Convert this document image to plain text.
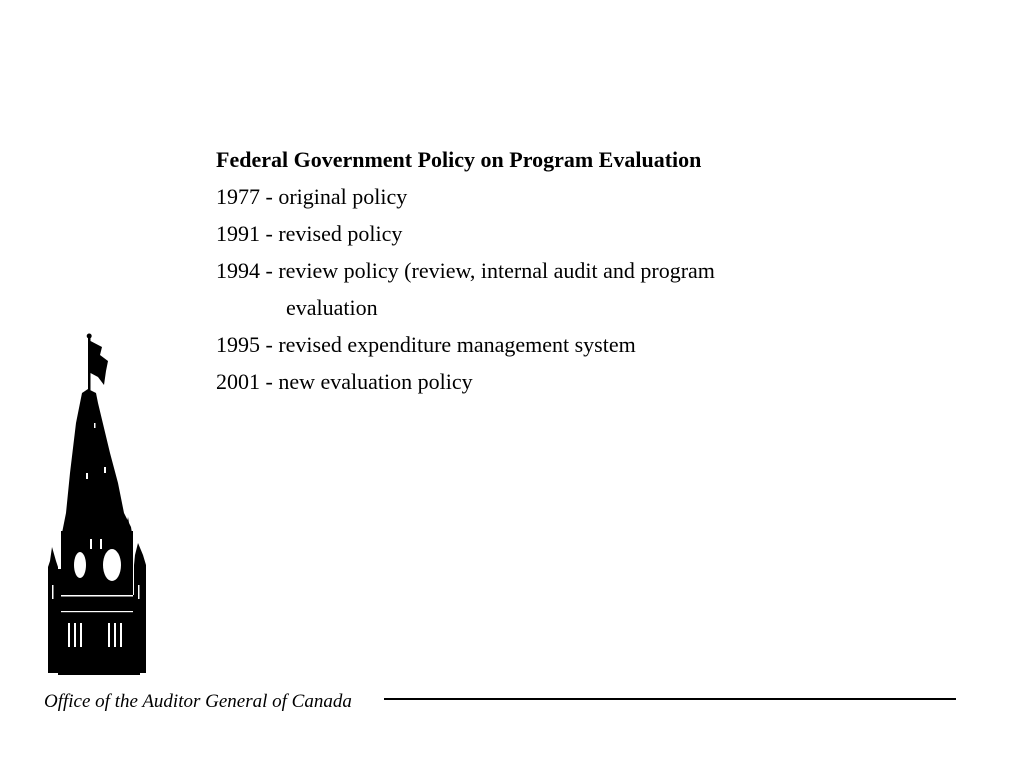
Federal Government Policy on Program Evaluation
1977 - original policy
1991 - revised policy
1994 - review policy (review, internal audit and program
evaluation
1995 - revised expenditure management system
2001 - new evaluation policy
Office of the Auditor General of Canada
